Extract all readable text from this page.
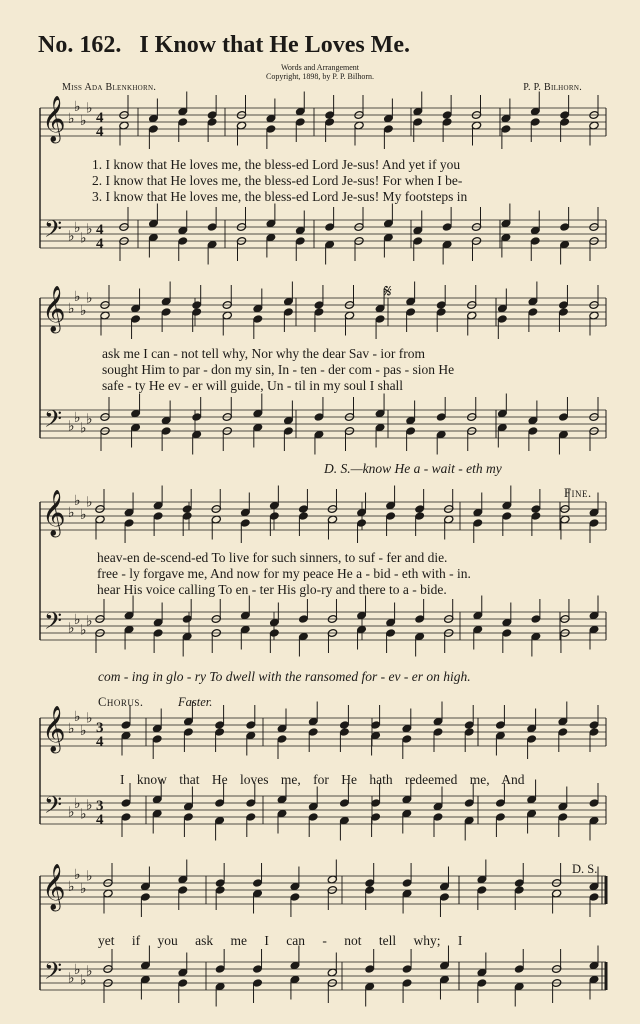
No. 162. I Know that He Loves Me.
Words and Arrangement
Copyright, 1898, by P. P. Bilhorn.
Miss Ada Blenkhorn.	P. P. Bilhorn.
𝄞
𝄢
♭
♭
♭
♭
♭
♭
♭
♭
4
4
4
4
𝄞
𝄢
♭
♭
♭
♭
♭
♭
♭
♭
𝄞
𝄢
♭
♭
♭
♭
♭
♭
♭
♭
𝄞
𝄢
♭
♭
♭
♭
♭
♭
♭
♭
3
4
3
4
𝄞
𝄢
♭
♭
♭
♭
♭
♭
♭
♭
𝄋
1. I know that He loves me, the bless-ed Lord Je-sus! And yet if you
2. I know that He loves me, the bless-ed Lord Je-sus! For when I be-
3. I know that He loves me, the bless-ed Lord Je-sus! My footsteps in
ask me I can - not tell why, Nor why the dear Sav - ior from
sought Him to par - don my sin, In - ten - der com - pas - sion He
safe - ty He ev - er will guide, Un - til in my soul I shall
D. S.—know He a - wait - eth my
Fine.
heav-en de-scend-ed To live for such sinners, to suf - fer and die.
free - ly forgave me, And now for my peace He a - bid - eth with - in.
hear His voice calling To en - ter His glo-ry and there to a - bide.
com - ing in glo - ry To dwell with the ransomed for - ev - er on high.
Chorus.	Faster.
I know that He loves me, for He hath redeemed me, And
D. S.
yet if you ask me I can - not tell why; I
